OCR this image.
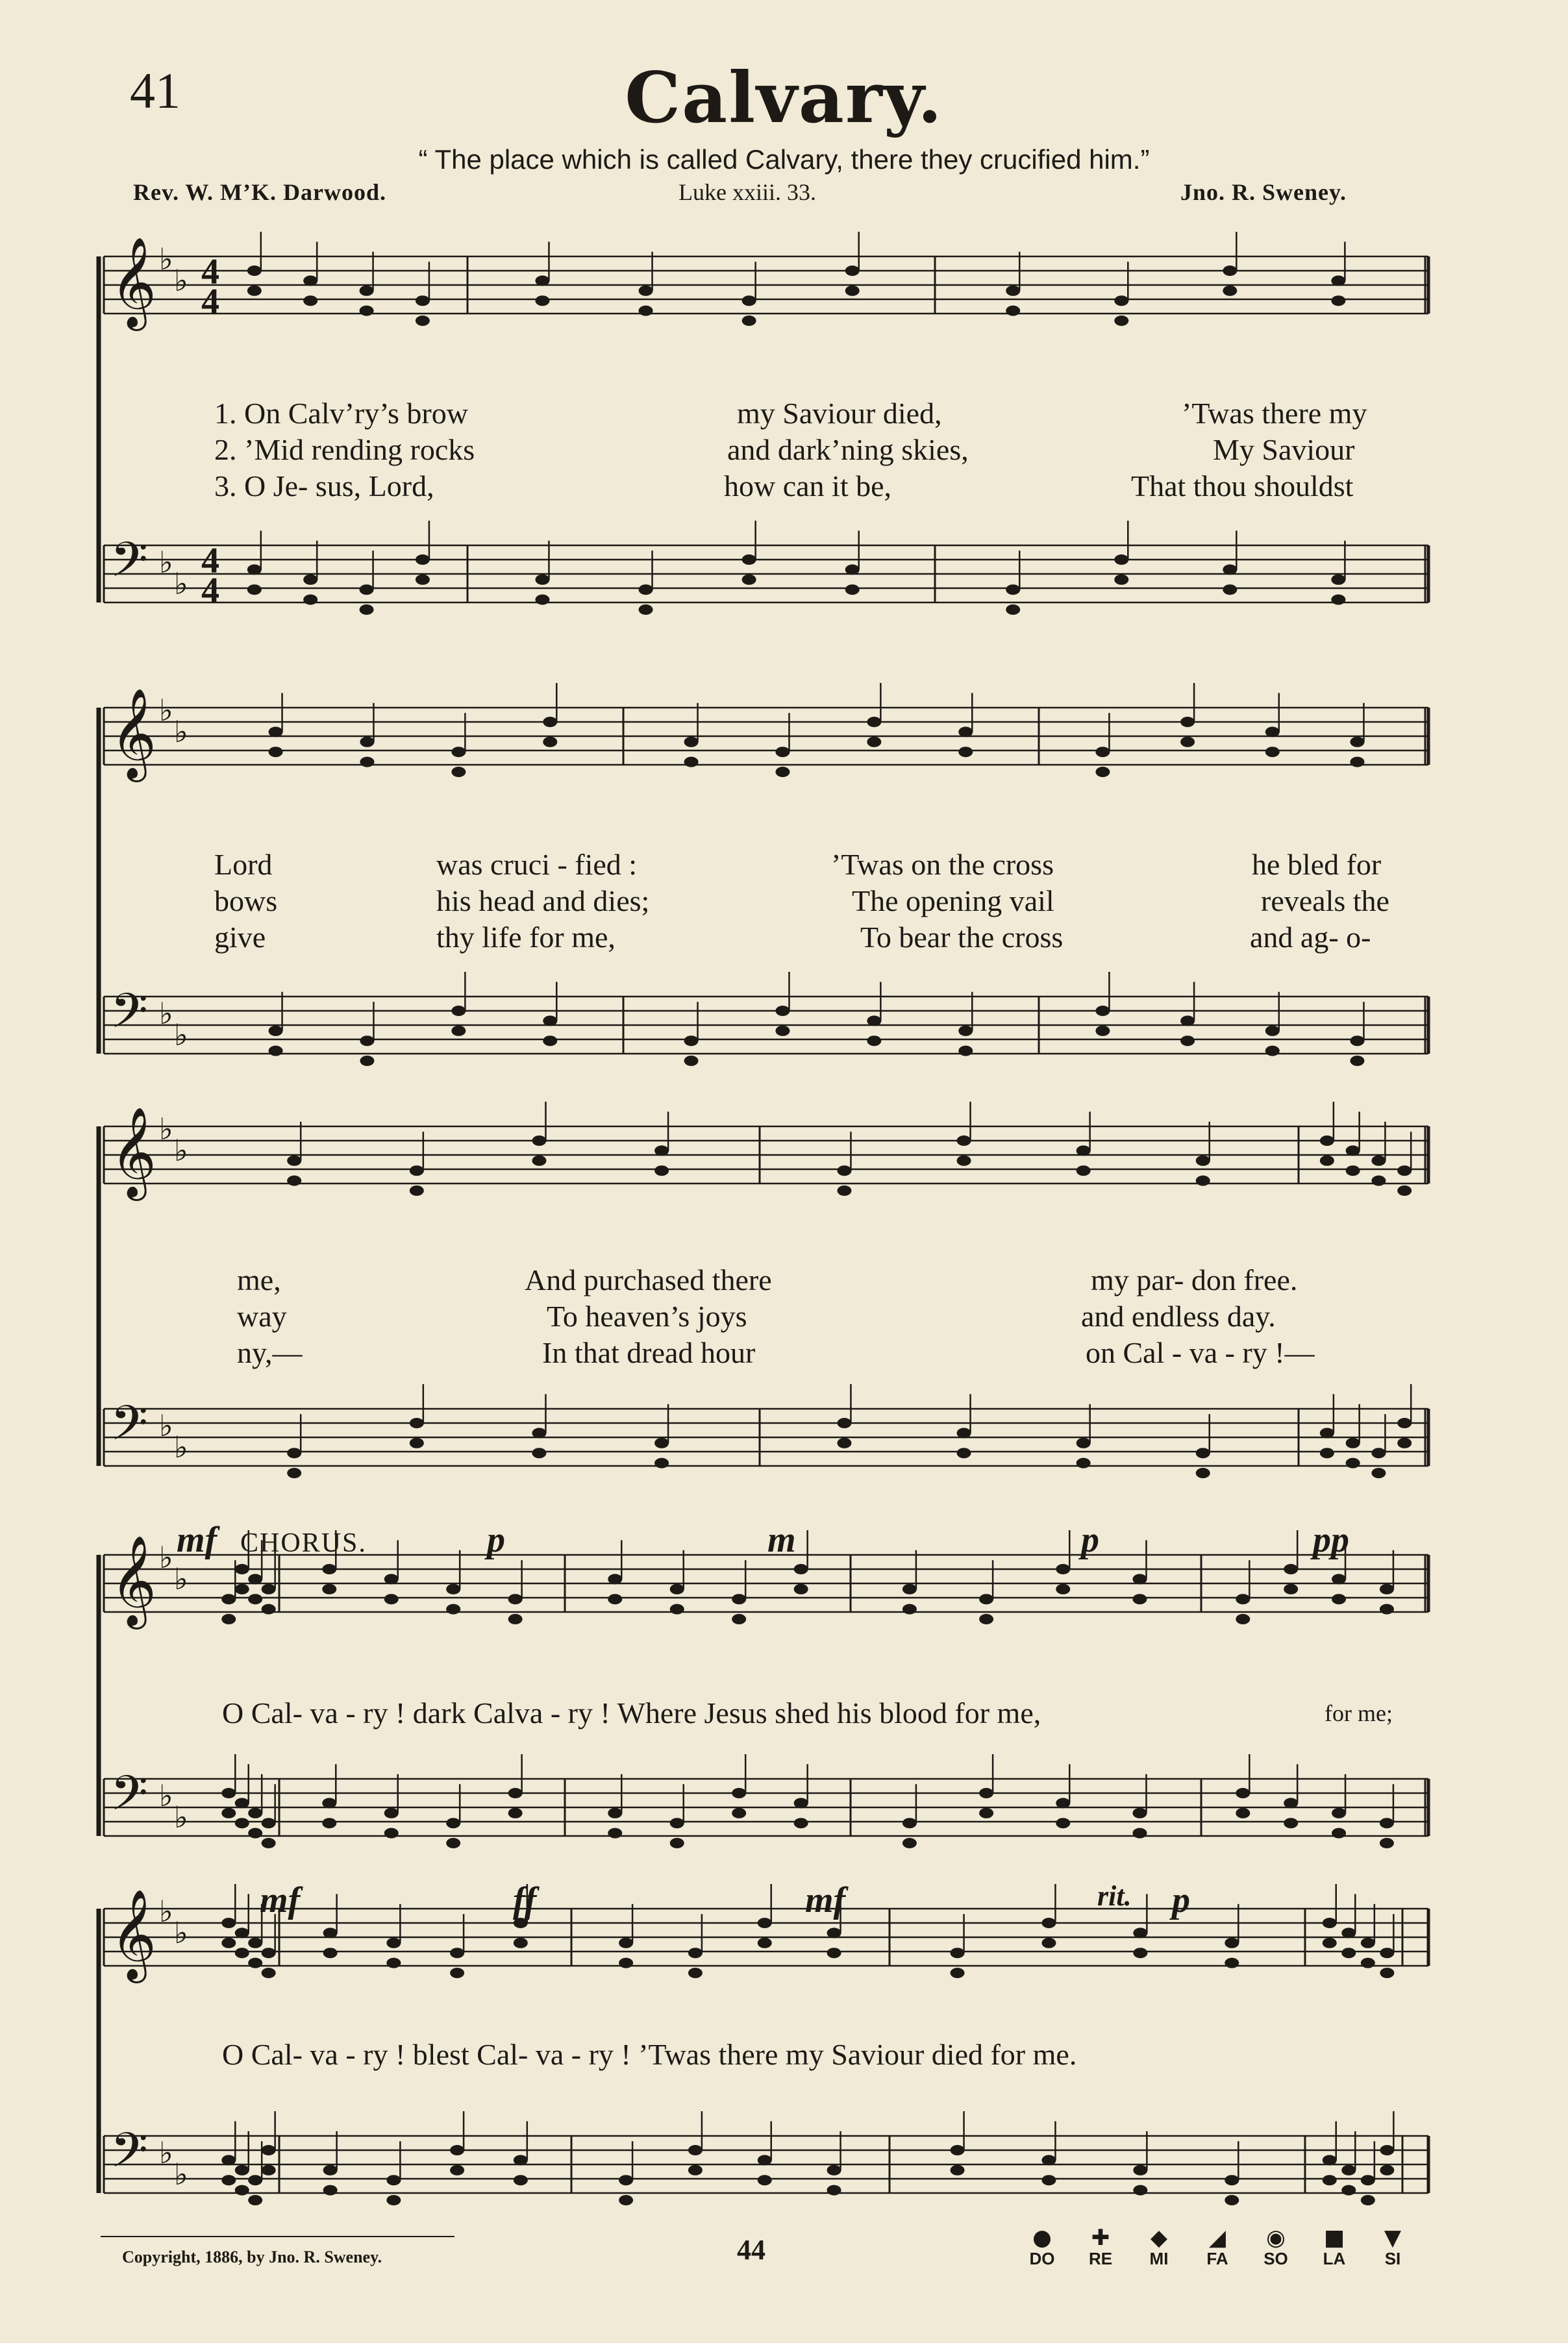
41	Calvary.
“ The place which is called Calvary, there they crucified him.”
Rev. W. M’K. Darwood.	Luke xxiii. 33.	Jno. R. Sweney.
𝄞 ♭
♭
𝄢 ♭
♭
4
4
4
4
𝄞 ♭
♭
𝄢 ♭
♭
𝄞 ♭
♭
𝄢 ♭
♭
𝄞 ♭
♭
𝄢 ♭
♭
𝄞 ♭
♭
𝄢 ♭
♭
1. On Calv’ry’s brow	my Saviour died,	’Twas there my
2. ’Mid rending rocks	and dark’ning skies,	My Saviour
3. O Je- sus, Lord,	how can it be,	That thou shouldst
Lord	was cruci - fied :	’Twas on the cross	he bled for
bows	his head and dies;	The opening vail	reveals the
give	thy life for me,	To bear the cross	and ag- o-
me,	And purchased there	my par- don free.
way	To heaven’s joys	and endless day.
ny,—	In that dread hour	on Cal - va - ry !—
mf CHORUS.	p	m	p	pp
O Cal- va - ry ! dark Calva - ry ! Where Jesus shed his blood for me,	for me;
mf	ff	mf	rit. p
O Cal- va - ry ! blest Cal- va - ry ! ’Twas there my Saviour died for me.
Copyright, 1886, by Jno. R. Sweney.	44	●
DO
✚
RE
◆
MI
◢
FA
◉
SO
■
LA
▼
SI
